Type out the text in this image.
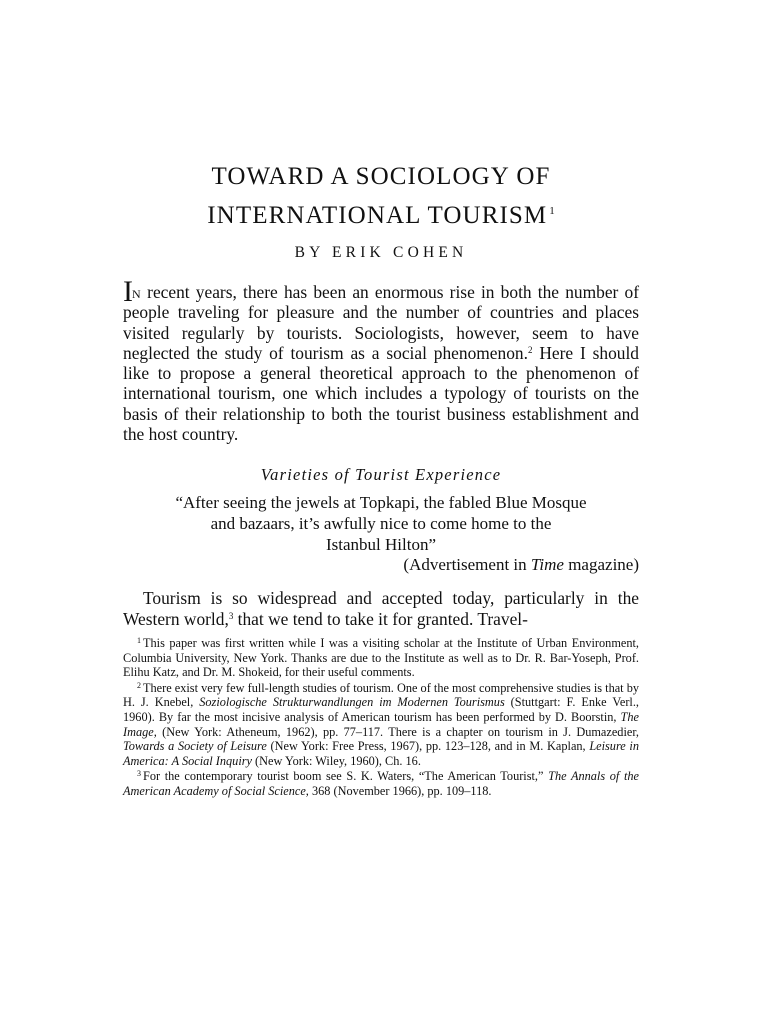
TOWARD A SOCIOLOGY OF
INTERNATIONAL TOURISM $^1$

BY ERIK COHEN

In recent years, there has been an enormous rise in both the number of people traveling for pleasure and the number of countries and places visited regularly by tourists. Sociologists, however, seem to have neglected the study of tourism as a social phenomenon.$^2$ Here I should like to propose a general theoretical approach to the phenomenon of international tourism, one which includes a typology of tourists on the basis of their relationship to both the tourist business establishment and the host country.

Varieties of Tourist Experience

“After seeing the jewels at Topkapi, the fabled Blue Mosque
and bazaars, it’s awfully nice to come home to the
Istanbul Hilton”

(Advertisement in Time magazine)

Tourism is so widespread and accepted today, particularly in the Western world,$^3$ that we tend to take it for granted. Travel-

$^1$ This paper was first written while I was a visiting scholar at the Institute of Urban Environment, Columbia University, New York. Thanks are due to the Institute as well as to Dr. R. Bar-Yoseph, Prof. Elihu Katz, and Dr. M. Shokeid, for their useful comments.

$^2$ There exist very few full-length studies of tourism. One of the most comprehensive studies is that by H. J. Knebel, Soziologische Strukturwandlungen im Modernen Tourismus (Stuttgart: F. Enke Verl., 1960). By far the most incisive analysis of American tourism has been performed by D. Boorstin, The Image, (New York: Atheneum, 1962), pp. 77–117. There is a chapter on tourism in J. Dumazedier, Towards a Society of Leisure (New York: Free Press, 1967), pp. 123–128, and in M. Kaplan, Leisure in America: A Social Inquiry (New York: Wiley, 1960), Ch. 16.

$^3$ For the contemporary tourist boom see S. K. Waters, “The American Tourist,” The Annals of the American Academy of Social Science, 368 (November 1966), pp. 109–118.
